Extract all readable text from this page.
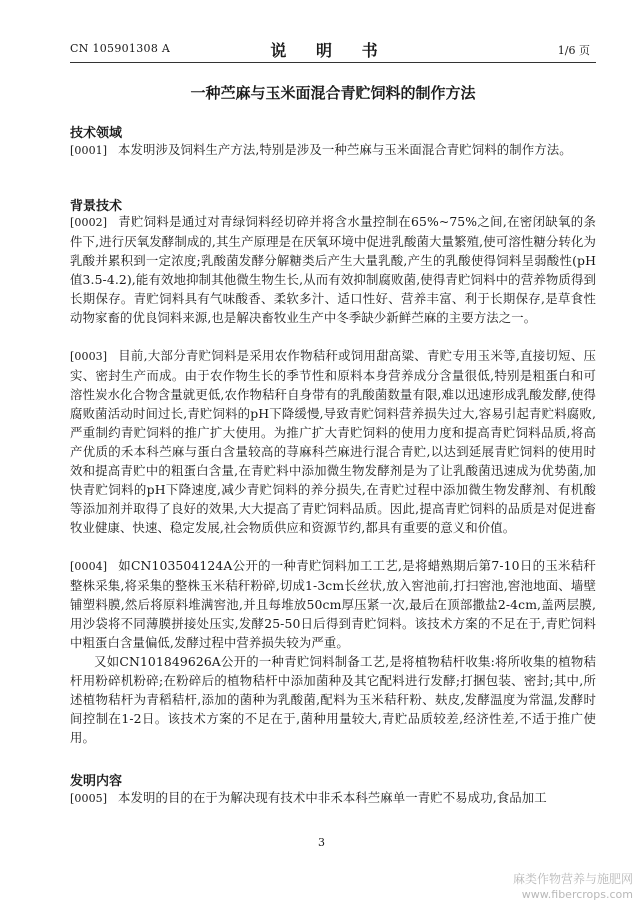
CN 105901308 A	说 明 书	1/6 页
一种苎麻与玉米面混合青贮饲料的制作方法
技术领域
[0001] 本发明涉及饲料生产方法,特别是涉及一种苎麻与玉米面混合青贮饲料的制作方法。
背景技术
[0002] 青贮饲料是通过对青绿饲料经切碎并将含水量控制在65%~75%之间,在密闭缺氧的条件下,进行厌氧发酵制成的,其生产原理是在厌氧环境中促进乳酸菌大量繁殖,使可溶性糖分转化为乳酸并累积到一定浓度;乳酸菌发酵分解糖类后产生大量乳酸,产生的乳酸使得饲料呈弱酸性(pH值3.5-4.2),能有效地抑制其他微生物生长,从而有效抑制腐败菌,使得青贮饲料中的营养物质得到长期保存。青贮饲料具有气味酸香、柔软多汁、适口性好、营养丰富、利于长期保存,是草食性动物家畜的优良饲料来源,也是解决畜牧业生产中冬季缺少新鲜苎麻的主要方法之一。
[0003] 目前,大部分青贮饲料是采用农作物秸秆或饲用甜高粱、青贮专用玉米等,直接切短、压实、密封生产而成。由于农作物生长的季节性和原料本身营养成分含量很低,特别是粗蛋白和可溶性炭水化合物含量就更低,农作物秸秆自身带有的乳酸菌数量有限,难以迅速形成乳酸发酵,使得腐败菌活动时间过长,青贮饲料的pH下降缓慢,导致青贮饲料营养损失过大,容易引起青贮料腐败,严重制约青贮饲料的推广扩大使用。为推广扩大青贮饲料的使用力度和提高青贮饲料品质,将高产优质的禾本科苎麻与蛋白含量较高的荨麻科苎麻进行混合青贮,以达到延展青贮饲料的使用时效和提高青贮中的粗蛋白含量,在青贮料中添加微生物发酵剂是为了让乳酸菌迅速成为优势菌,加快青贮饲料的pH下降速度,减少青贮饲料的养分损失,在青贮过程中添加微生物发酵剂、有机酸等添加剂并取得了良好的效果,大大提高了青贮饲料品质。因此,提高青贮饲料的品质是对促进畜牧业健康、快速、稳定发展,社会物质供应和资源节约,都具有重要的意义和价值。
[0004] 如CN103504124A公开的一种青贮饲料加工工艺,是将蜡熟期后第7-10日的玉米秸秆整株采集,将采集的整株玉米秸秆粉碎,切成1-3cm长丝状,放入窖池前,打扫窖池,窖池地面、墙壁铺塑料膜,然后将原料堆满窖池,并且每堆放50cm厚压紧一次,最后在顶部撒盐2-4cm,盖两层膜,用沙袋将不同薄膜拼接处压实,发酵25-50日后得到青贮饲料。该技术方案的不足在于,青贮饲料中粗蛋白含量偏低,发酵过程中营养损失较为严重。
又如CN101849626A公开的一种青贮饲料制备工艺,是将植物秸杆收集:将所收集的植物秸杆用粉碎机粉碎;在粉碎后的植物秸杆中添加菌种及其它配料进行发酵;打捆包装、密封;其中,所述植物秸杆为青稻秸杆,添加的菌种为乳酸菌,配料为玉米秸秆粉、麸皮,发酵温度为常温,发酵时间控制在1-2日。该技术方案的不足在于,菌种用量较大,青贮品质较差,经济性差,不适于推广使用。
发明内容
[0005] 本发明的目的在于为解决现有技术中非禾本科苎麻单一青贮不易成功,食品加工
3
麻类作物营养与施肥网
www.fibercrops.com
